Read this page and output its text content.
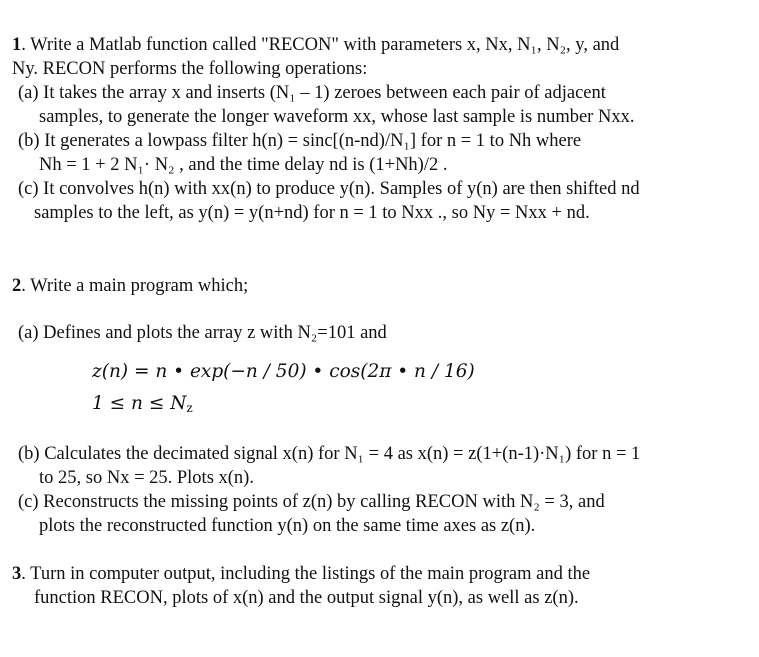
1. Write a Matlab function called "RECON" with parameters x, Nx, N₁, N₂, y, and
Ny. RECON performs the following operations:
(a) It takes the array x and inserts (N₁ – 1) zeroes between each pair of adjacent
samples, to generate the longer waveform xx, whose last sample is number Nxx.
(b) It generates a lowpass filter h(n) = sinc[(n-nd)/N₁] for n = 1 to Nh where
Nh = 1 + 2 N₁· N₂ , and the time delay nd is (1+Nh)/2 .
(c) It convolves h(n) with xx(n) to produce y(n). Samples of y(n) are then shifted nd
samples to the left, as y(n) = y(n+nd) for n = 1 to Nxx ., so Ny = Nxx + nd.
2. Write a main program which;
(a) Defines and plots the array z with N₂=101 and
z(n) = n • exp(−n / 50) • cos(2π • n / 16)
$1 \le n \le N_z$
(b) Calculates the decimated signal x(n) for N₁ = 4 as x(n) = z(1+(n-1)·N₁) for n = 1
to 25, so Nx = 25. Plots x(n).
(c) Reconstructs the missing points of z(n) by calling RECON with N₂ = 3, and
plots the reconstructed function y(n) on the same time axes as z(n).
3. Turn in computer output, including the listings of the main program and the
function RECON, plots of x(n) and the output signal y(n), as well as z(n).
